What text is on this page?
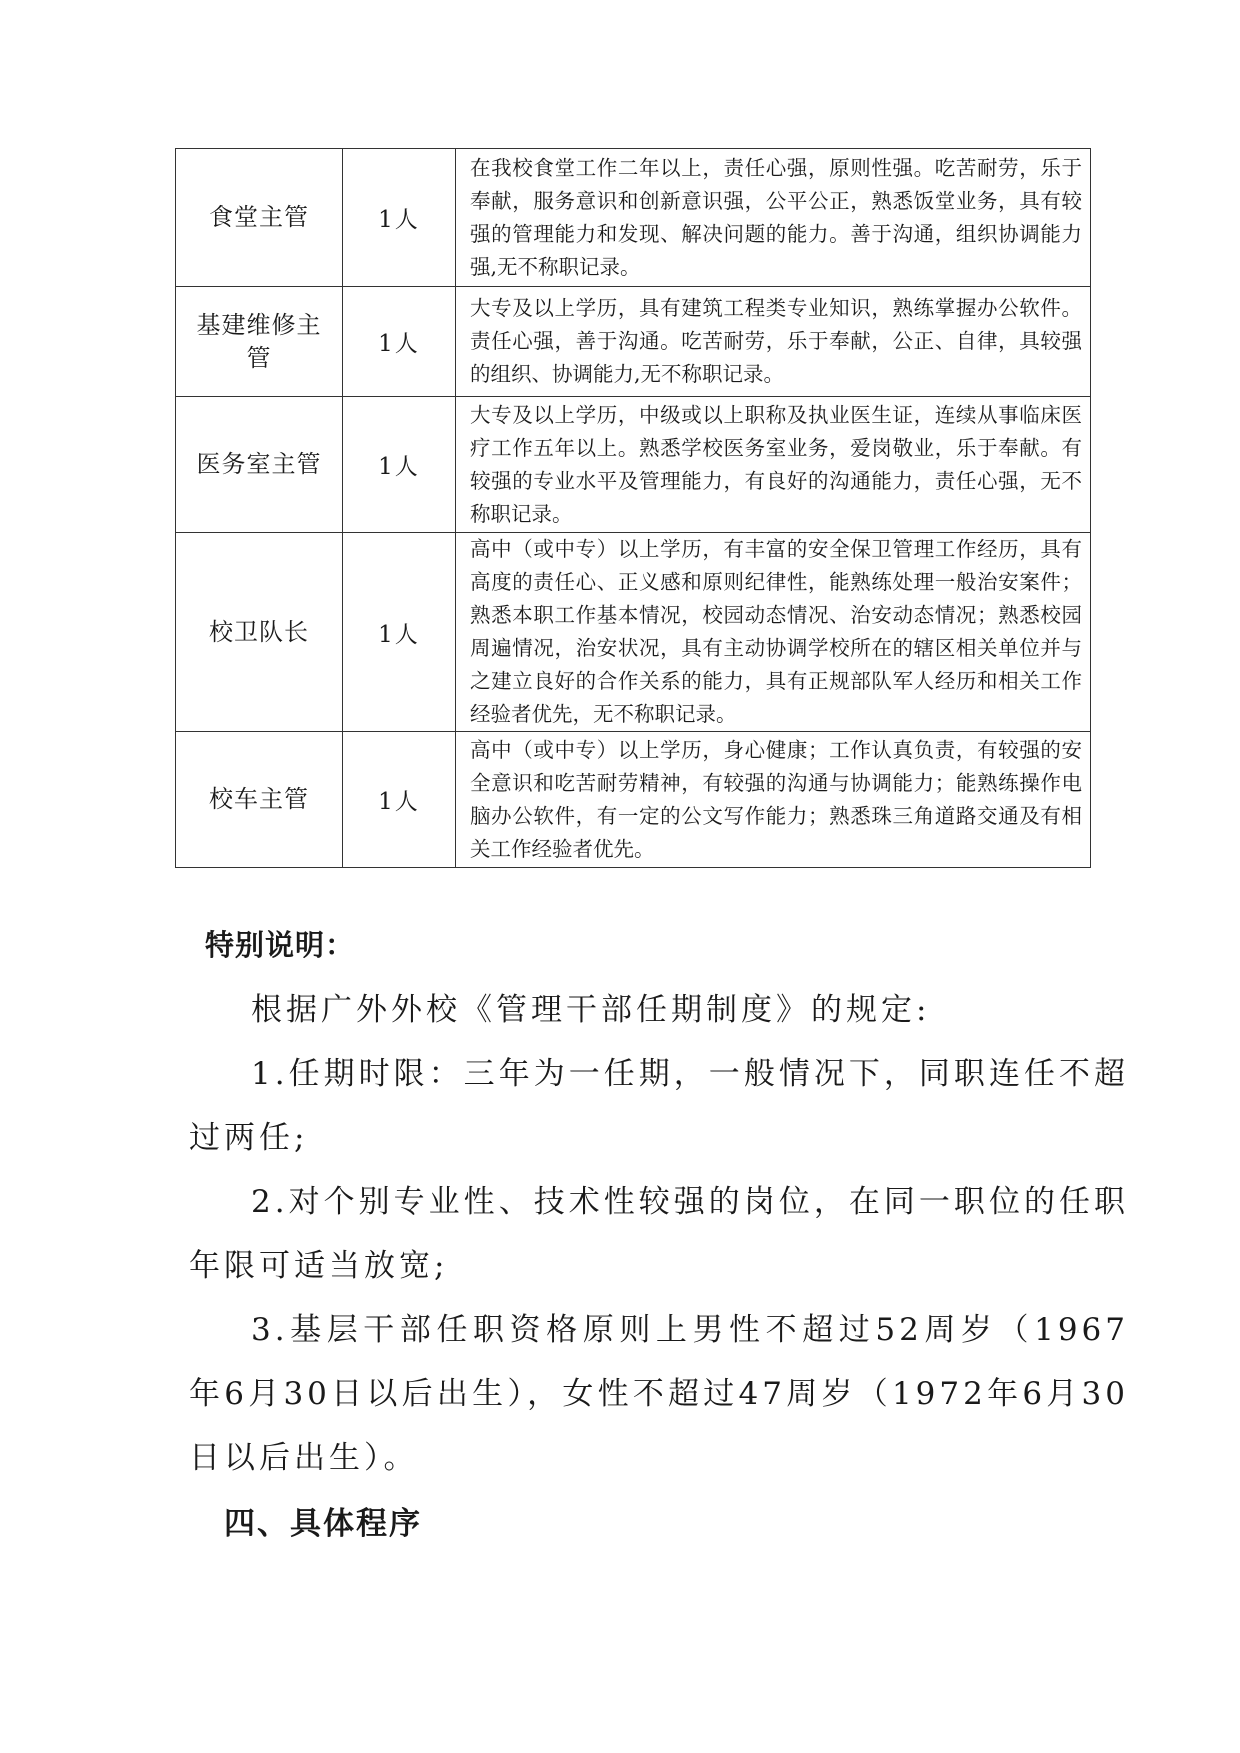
食堂主管	1人	在我校食堂工作二年以上，责任心强，原则性强。吃苦耐劳，乐于奉献，服务意识和创新意识强，公平公正，熟悉饭堂业务，具有较强的管理能力和发现、解决问题的能力。善于沟通，组织协调能力强,无不称职记录。
基建维修主管	1人	大专及以上学历，具有建筑工程类专业知识，熟练掌握办公软件。责任心强，善于沟通。吃苦耐劳，乐于奉献，公正、自律，具较强的组织、协调能力,无不称职记录。
医务室主管	1人	大专及以上学历，中级或以上职称及执业医生证，连续从事临床医疗工作五年以上。熟悉学校医务室业务，爱岗敬业，乐于奉献。有较强的专业水平及管理能力，有良好的沟通能力，责任心强，无不称职记录。
校卫队长	1人	高中（或中专）以上学历，有丰富的安全保卫管理工作经历，具有高度的责任心、正义感和原则纪律性，能熟练处理一般治安案件；熟悉本职工作基本情况，校园动态情况、治安动态情况；熟悉校园周遍情况，治安状况，具有主动协调学校所在的辖区相关单位并与之建立良好的合作关系的能力，具有正规部队军人经历和相关工作经验者优先，无不称职记录。
校车主管	1人	高中（或中专）以上学历，身心健康；工作认真负责，有较强的安全意识和吃苦耐劳精神，有较强的沟通与协调能力；能熟练操作电脑办公软件，有一定的公文写作能力；熟悉珠三角道路交通及有相关工作经验者优先。
特别说明：

根据广外外校《管理干部任期制度》的规定:

1.任期时限：三年为一任期，一般情况下，同职连任不超过两任;

2.对个别专业性、技术性较强的岗位，在同一职位的任职年限可适当放宽;

3.基层干部任职资格原则上男性不超过52周岁（1967年6月30日以后出生），女性不超过47周岁（1972年6月30日以后出生）。

四、具体程序
